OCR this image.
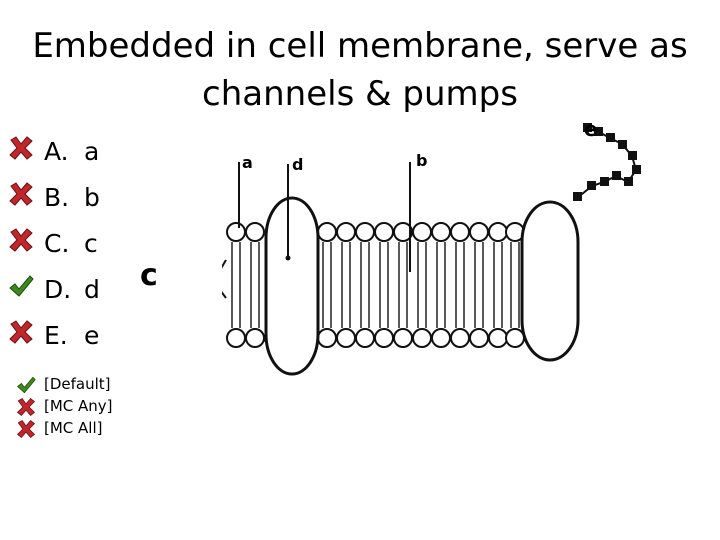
Embedded in cell membrane, serve as
channels & pumps
A. a
B. b
C. c
D. d
E. e
[Default]
[MC Any]
[MC All]
a d	b
e
c
